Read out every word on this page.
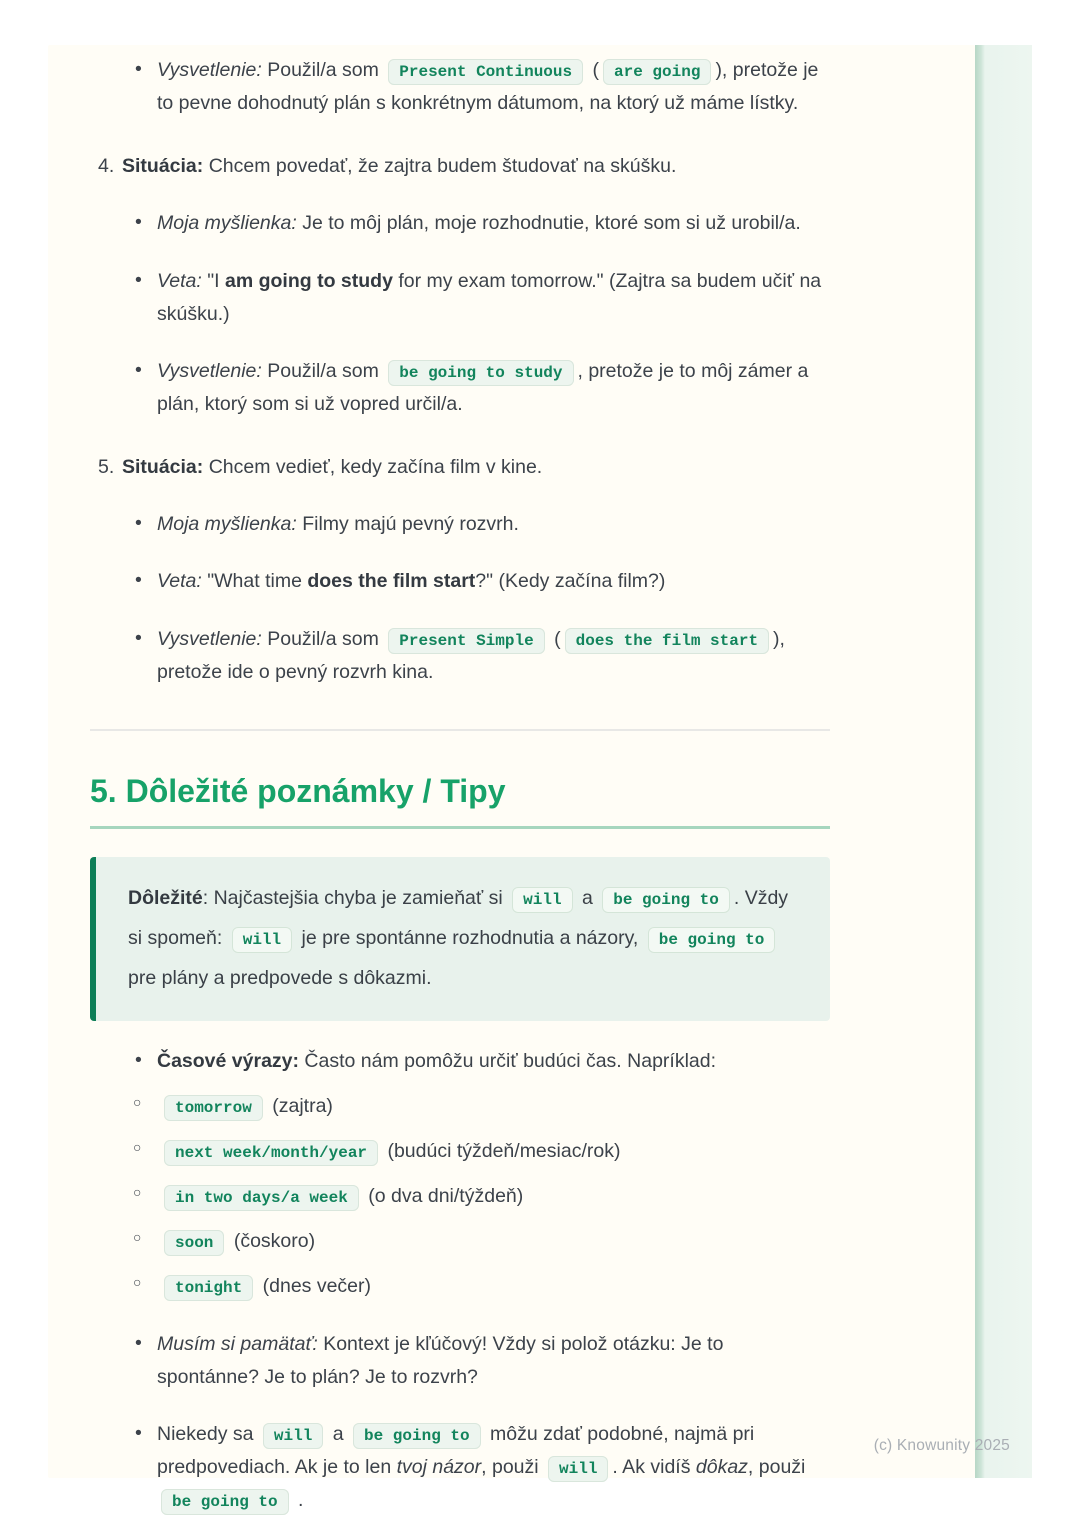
• Vysvetlenie: Použil/a som Present Continuous ( are going ), pretože je to pevne dohodnutý plán s konkrétnym dátumom, na ktorý už máme lístky.
4. Situácia: Chcem povedať, že zajtra budem študovať na skúšku.
• Moja myšlienka: Je to môj plán, moje rozhodnutie, ktoré som si už urobil/a.
• Veta: "I am going to study for my exam tomorrow." (Zajtra sa budem učiť na skúšku.)
• Vysvetlenie: Použil/a som be going to study , pretože je to môj zámer a plán, ktorý som si už vopred určil/a.
5. Situácia: Chcem vedieť, kedy začína film v kine.
• Moja myšlienka: Filmy majú pevný rozvrh.
• Veta: "What time does the film start?" (Kedy začína film?)
• Vysvetlenie: Použil/a som Present Simple ( does the film start ), pretože ide o pevný rozvrh kina.
5. Dôležité poznámky / Tipy
Dôležité: Najčastejšia chyba je zamieňať si will a be going to . Vždy si spomeň: will je pre spontánne rozhodnutia a názory, be going to pre plány a predpovede s dôkazmi.
• Časové výrazy: Často nám pomôžu určiť budúci čas. Napríklad:
○ tomorrow (zajtra)
○ next week/month/year (budúci týždeň/mesiac/rok)
○ in two days/a week (o dva dni/týždeň)
○ soon (čoskoro)
○ tonight (dnes večer)
• Musím si pamätať: Kontext je kľúčový! Vždy si polož otázku: Je to spontánne? Je to plán? Je to rozvrh?
• Niekedy sa will a be going to môžu zdať podobné, najmä pri predpovediach. Ak je to len tvoj názor, použi will . Ak vidíš dôkaz, použi be going to .
(c) Knowunity 2025
